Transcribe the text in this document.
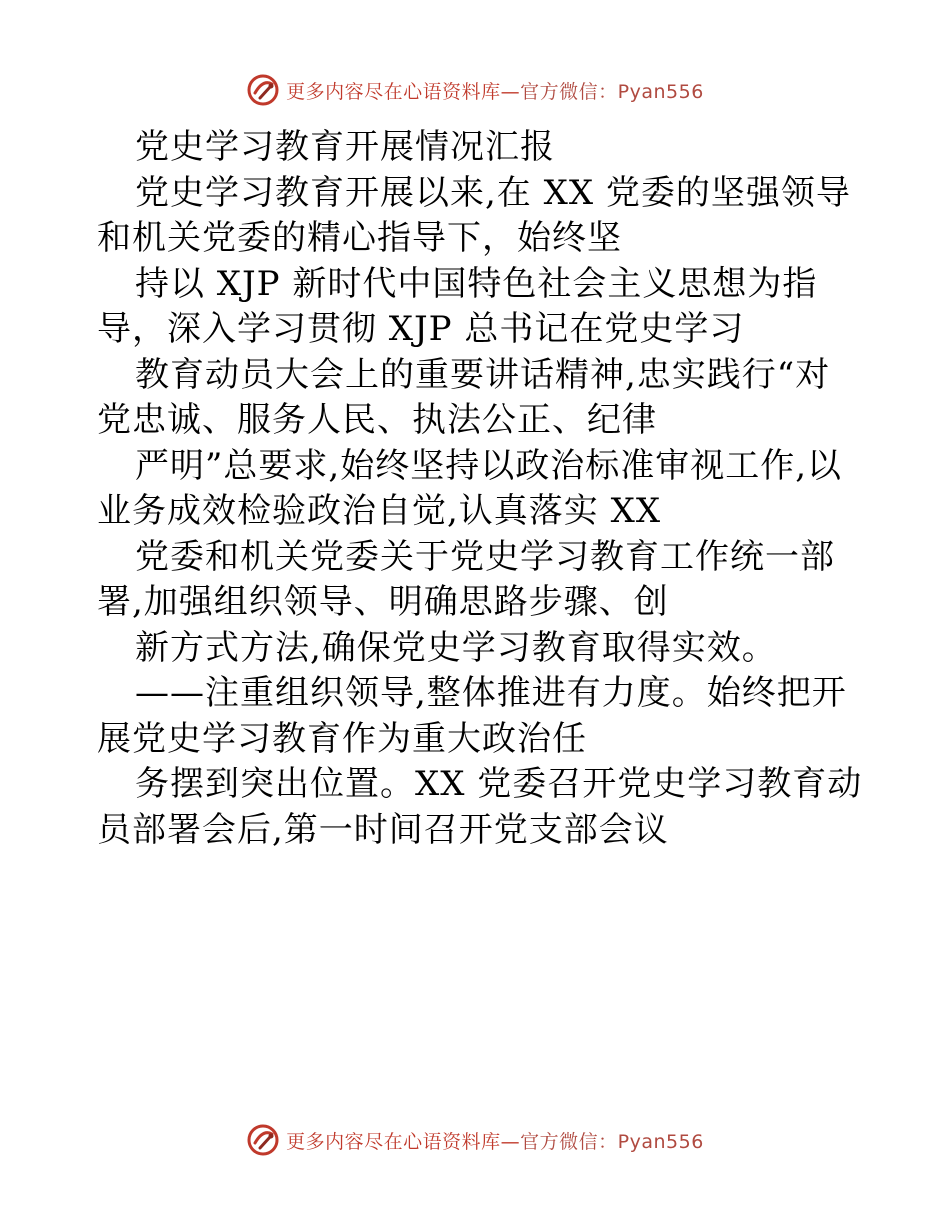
更多内容尽在心语资料库—官方微信：Pyan556
党史学习教育开展情况汇报
党史学习教育开展以来,在 XX 党委的坚强领导
和机关党委的精心指导下，始终坚
持以 XJP 新时代中国特色社会主义思想为指
导，深入学习贯彻 XJP 总书记在党史学习
教育动员大会上的重要讲话精神,忠实践行“对
党忠诚、服务人民、执法公正、纪律
严明”总要求,始终坚持以政治标准审视工作,以
业务成效检验政治自觉,认真落实 XX
党委和机关党委关于党史学习教育工作统一部
署,加强组织领导、明确思路步骤、创
新方式方法,确保党史学习教育取得实效。
——注重组织领导,整体推进有力度。始终把开
展党史学习教育作为重大政治任
务摆到突出位置。XX 党委召开党史学习教育动
员部署会后,第一时间召开党支部会议
更多内容尽在心语资料库—官方微信：Pyan556
